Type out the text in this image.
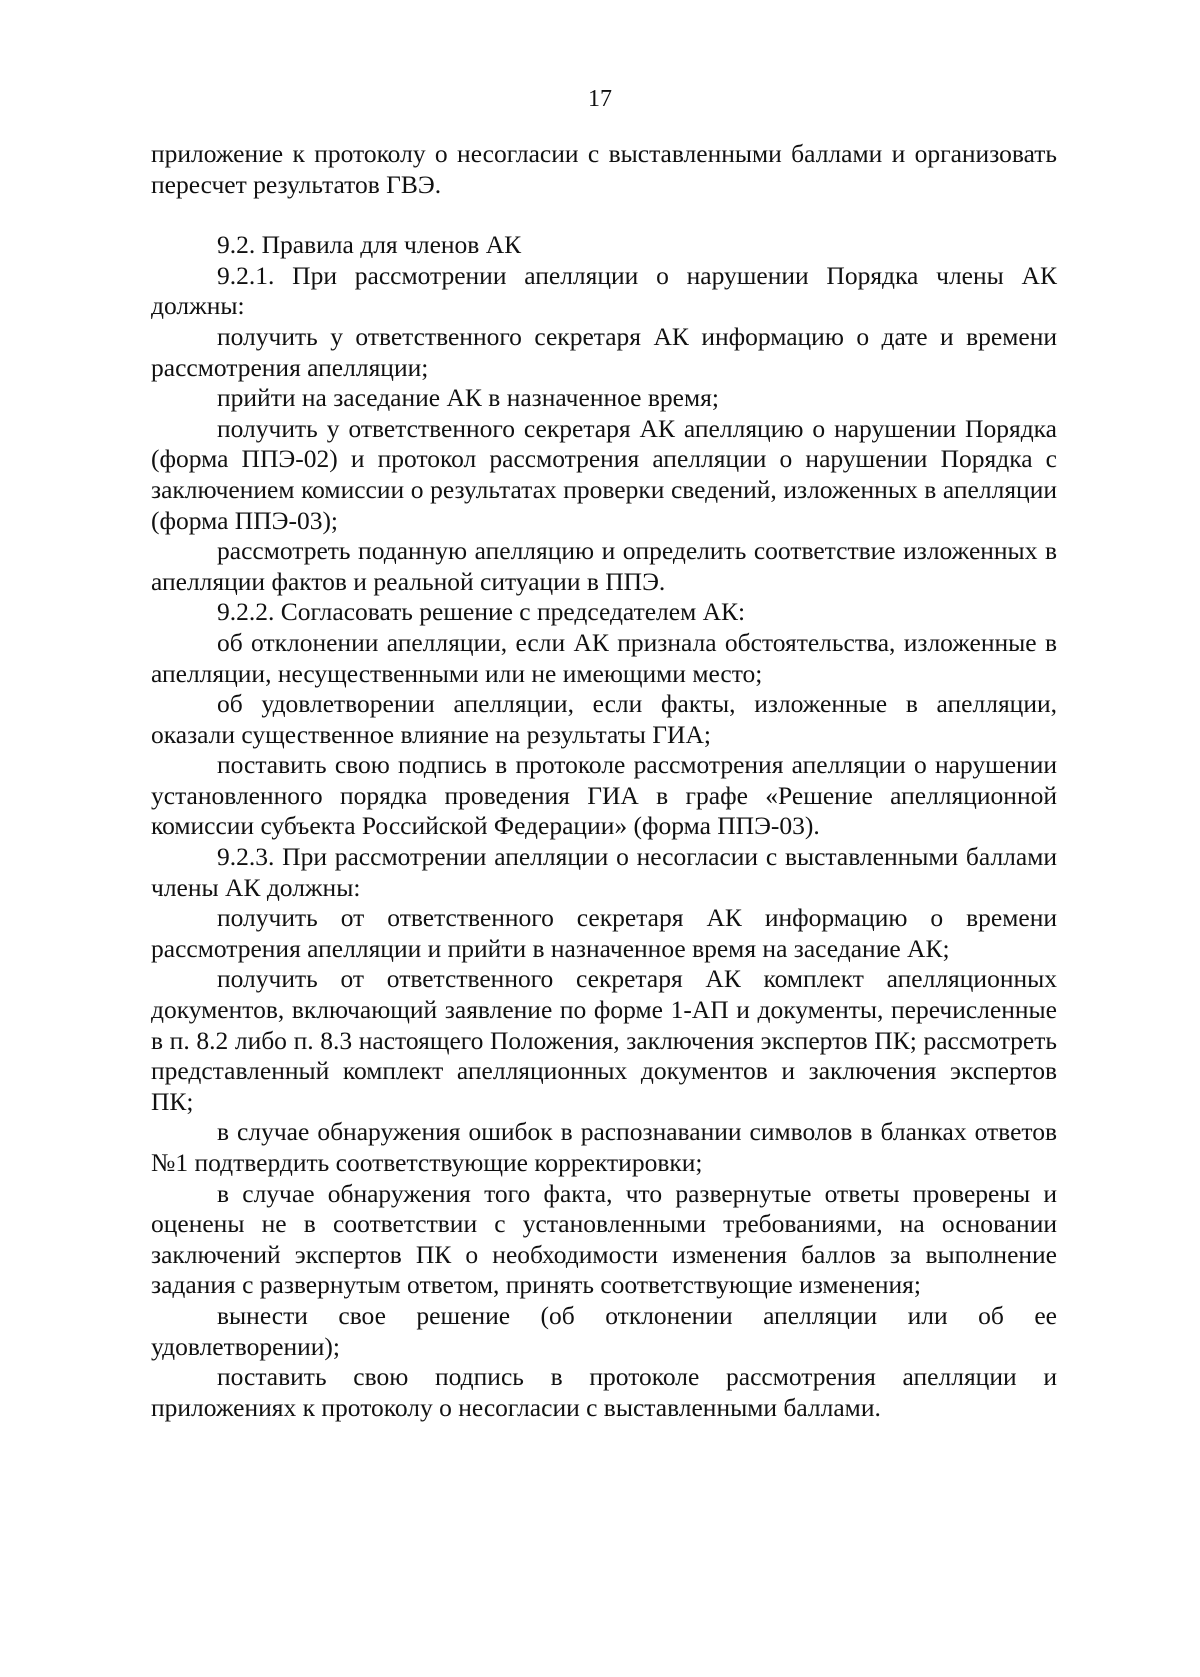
17

приложение к протоколу о несогласии с выставленными баллами и организовать пересчет результатов ГВЭ.

9.2. Правила для членов АК

9.2.1. При рассмотрении апелляции о нарушении Порядка члены АК должны:

получить у ответственного секретаря АК информацию о дате и времени рассмотрения апелляции;

прийти на заседание АК в назначенное время;

получить у ответственного секретаря АК апелляцию о нарушении Порядка (форма ППЭ-02) и протокол рассмотрения апелляции о нарушении Порядка с заключением комиссии о результатах проверки сведений, изложенных в апелляции (форма ППЭ-03);

рассмотреть поданную апелляцию и определить соответствие изложенных в апелляции фактов и реальной ситуации в ППЭ.

9.2.2. Согласовать решение с председателем АК:

об отклонении апелляции, если АК признала обстоятельства, изложенные в апелляции, несущественными или не имеющими место;

об удовлетворении апелляции, если факты, изложенные в апелляции, оказали существенное влияние на результаты ГИА;

поставить свою подпись в протоколе рассмотрения апелляции о нарушении установленного порядка проведения ГИА в графе «Решение апелляционной комиссии субъекта Российской Федерации» (форма ППЭ-03).

9.2.3. При рассмотрении апелляции о несогласии с выставленными баллами члены АК должны:

получить от ответственного секретаря АК информацию о времени рассмотрения апелляции и прийти в назначенное время на заседание АК;

получить от ответственного секретаря АК комплект апелляционных документов, включающий заявление по форме 1-АП и документы, перечисленные в п. 8.2 либо п. 8.3 настоящего Положения, заключения экспертов ПК; рассмотреть представленный комплект апелляционных документов и заключения экспертов ПК;

в случае обнаружения ошибок в распознавании символов в бланках ответов №1 подтвердить соответствующие корректировки;

в случае обнаружения того факта, что развернутые ответы проверены и оценены не в соответствии с установленными требованиями, на основании заключений экспертов ПК о необходимости изменения баллов за выполнение задания с развернутым ответом, принять соответствующие изменения;

вынести свое решение (об отклонении апелляции или об ее удовлетворении);

поставить свою подпись в протоколе рассмотрения апелляции и приложениях к протоколу о несогласии с выставленными баллами.
